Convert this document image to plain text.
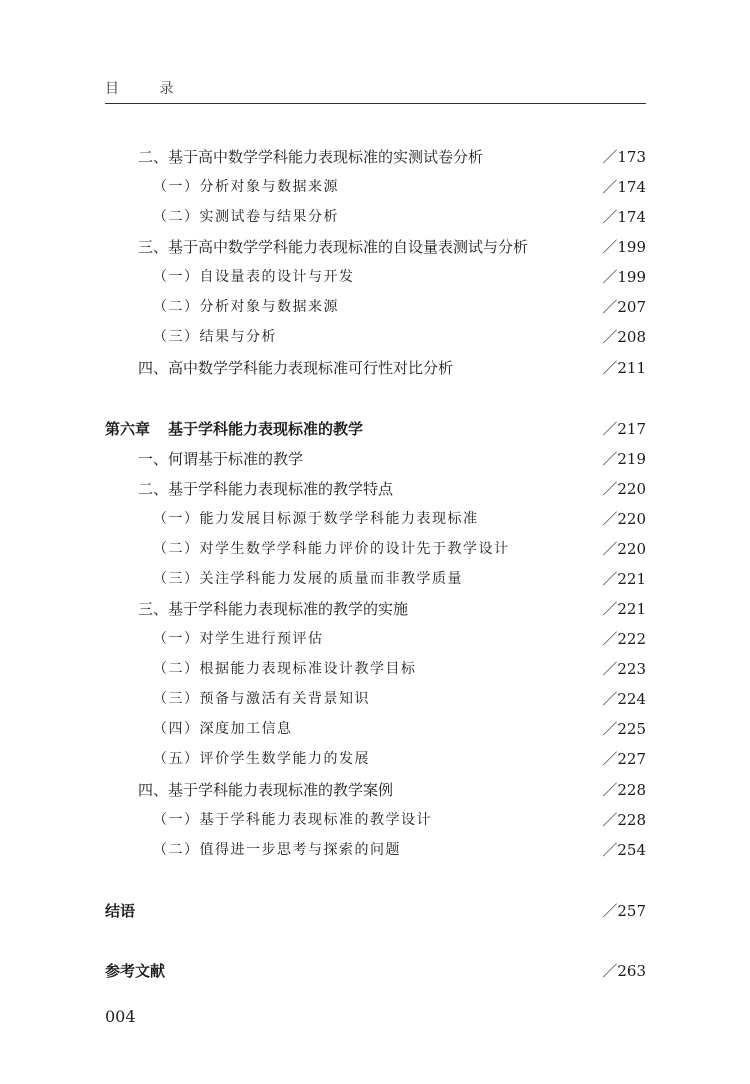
目 录
二、基于高中数学学科能力表现标准的实测试卷分析	／173
（一）分析对象与数据来源	／174
（二）实测试卷与结果分析	／174
三、基于高中数学学科能力表现标准的自设量表测试与分析	／199
（一）自设量表的设计与开发	／199
（二）分析对象与数据来源	／207
（三）结果与分析	／208
四、高中数学学科能力表现标准可行性对比分析	／211
第六章 基于学科能力表现标准的教学	／217
一、何谓基于标准的教学	／219
二、基于学科能力表现标准的教学特点	／220
（一）能力发展目标源于数学学科能力表现标准	／220
（二）对学生数学学科能力评价的设计先于教学设计	／220
（三）关注学科能力发展的质量而非教学质量	／221
三、基于学科能力表现标准的教学的实施	／221
（一）对学生进行预评估	／222
（二）根据能力表现标准设计教学目标	／223
（三）预备与激活有关背景知识	／224
（四）深度加工信息	／225
（五）评价学生数学能力的发展	／227
四、基于学科能力表现标准的教学案例	／228
（一）基于学科能力表现标准的教学设计	／228
（二）值得进一步思考与探索的问题	／254
结语	／257
参考文献	／263
004
